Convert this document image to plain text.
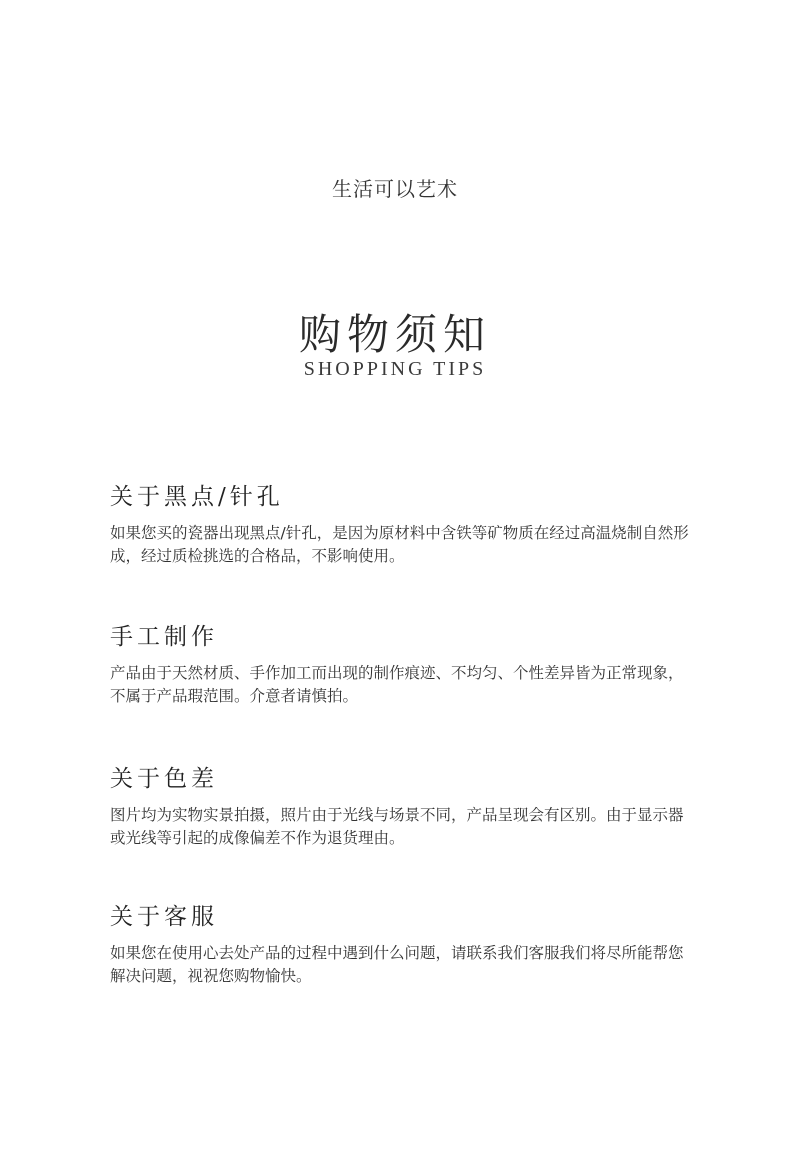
生活可以艺术
购物须知
SHOPPING TIPS
关于黑点/针孔

如果您买的瓷器出现黑点/针孔，是因为原材料中含铁等矿物质在经过高温烧制自然形成，经过质检挑选的合格品，不影响使用。

手工制作

产品由于天然材质、手作加工而出现的制作痕迹、不均匀、个性差异皆为正常现象，不属于产品瑕范围。介意者请慎拍。

关于色差

图片均为实物实景拍摄，照片由于光线与场景不同，产品呈现会有区别。由于显示器或光线等引起的成像偏差不作为退货理由。

关于客服

如果您在使用心去处产品的过程中遇到什么问题，请联系我们客服我们将尽所能帮您解决问题，视祝您购物愉快。
